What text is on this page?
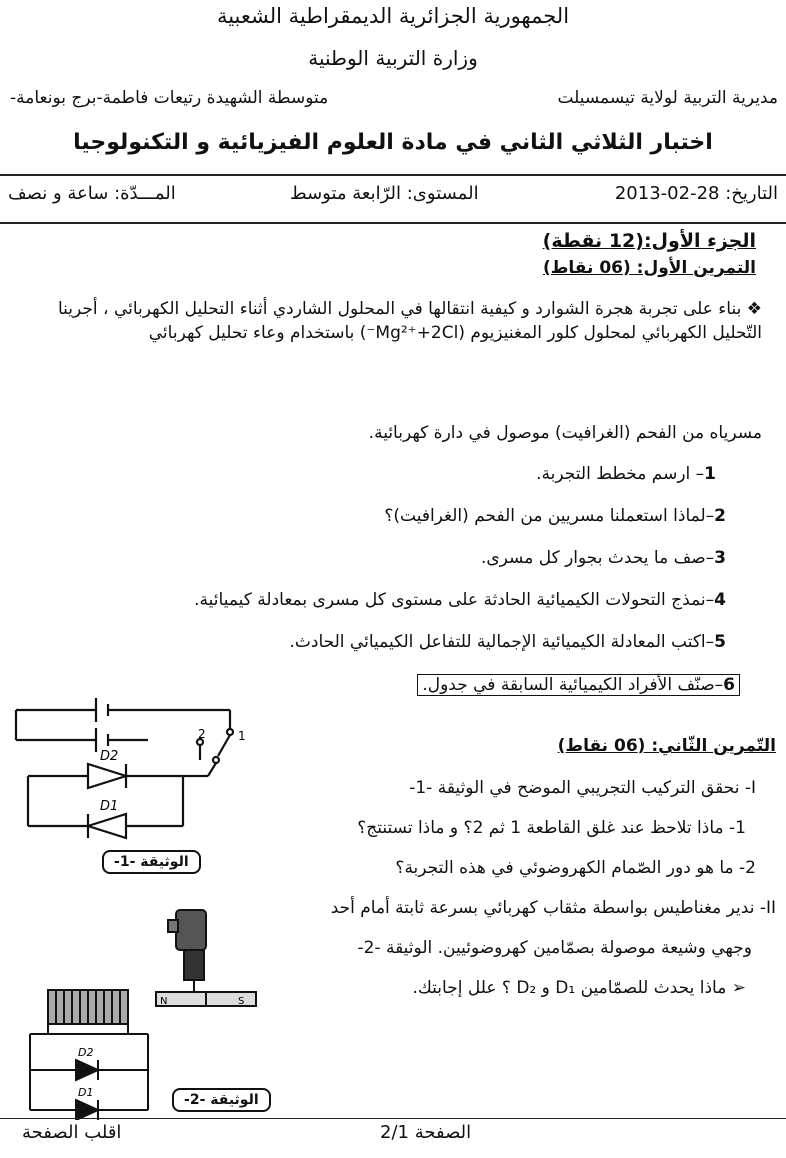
الجمهورية الجزائرية الديمقراطية الشعبية
وزارة التربية الوطنية
مديرية التربية لولاية تيسمسيلت
متوسطة الشهيدة رتيعات فاطمة-برج بونعامة-
اختبار الثلاثي الثاني في مادة العلوم الفيزيائية و التكنولوجيا
التاريخ: 28-02-2013
المستوى: الرّابعة متوسط
المـــدّة: ساعة و نصف
الجزء الأول:(12 نقطة)
التمرين الأول: (06 نقاط)
❖ بناء على تجربة هجرة الشوارد و كيفية انتقالها في المحلول الشاردي أثناء التحليل الكهربائي ، أجرينا التّحليل الكهربائي لمحلول كلور المغنيزيوم (Mg²⁺+2Cl⁻) باستخدام وعاء تحليل كهربائي
مسرياه من الفحم (الغرافيت) موصول في دارة كهربائية.
1– ارسم مخطط التجربة.
2–لماذا استعملنا مسريين من الفحم (الغرافيت)؟
3–صف ما يحدث بجوار كل مسرى.
4–نمذج التحولات الكيميائية الحادثة على مستوى كل مسرى بمعادلة كيميائية.
5–اكتب المعادلة الكيميائية الإجمالية للتفاعل الكيميائي الحادث.
6–صنّف الأفراد الكيميائية السابقة في جدول.
التّمرين الثّاني: (06 نقاط)
I- نحقق التركيب التجريبي الموضح في الوثيقة -1-
1- ماذا تلاحظ عند غلق القاطعة 1 ثم 2؟ و ماذا تستنتج؟
2- ما هو دور الصّمام الكهروضوئي في هذه التجربة؟
II- ندير مغناطيس بواسطة مثقاب كهربائي بسرعة ثابتة أمام أحد
وجهي وشيعة موصولة بصمّامين كهروضوئيين. الوثيقة -2-
➢ ماذا يحدث للصمّامين D₁ و D₂ ؟ علل إجابتك.
2	1
D2
D1
الوثيقة -1-
N	S
D2
D1	الوثيقة -2-
الصفحة 2/1
اقلب الصفحة
